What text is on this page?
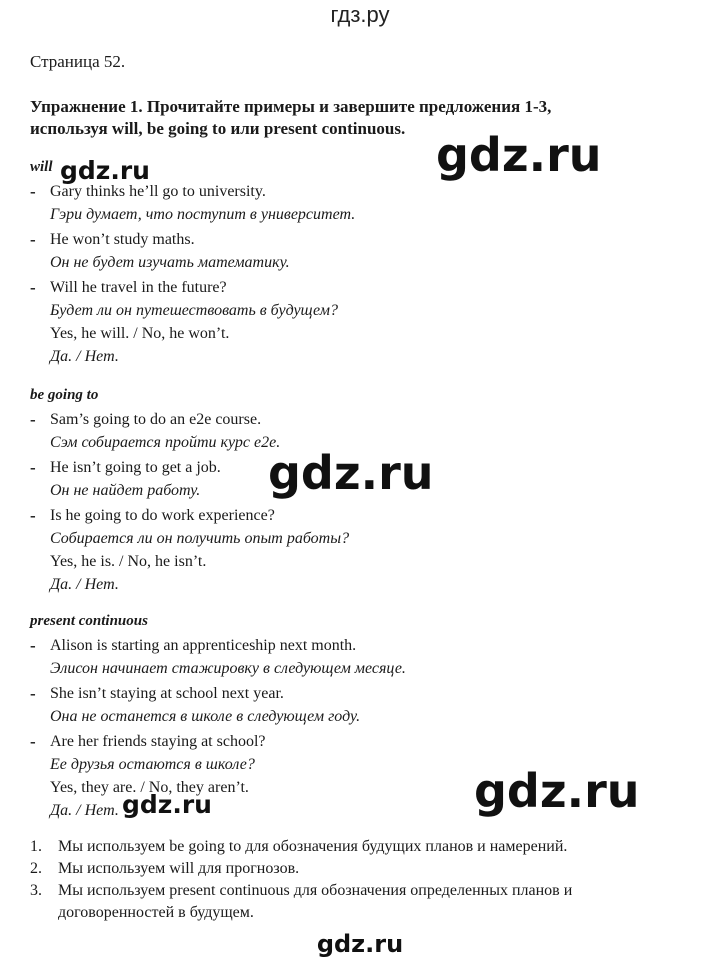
гдз.ру
Страница 52.
Упражнение 1. Прочитайте примеры и завершите предложения 1-3, используя will, be going to или present continuous.
will
- Gary thinks he’ll go to university.
Гэри думает, что поступит в университет.
- He won’t study maths.
Он не будет изучать математику.
- Will he travel in the future?
Будет ли он путешествовать в будущем?
Yes, he will. / No, he won’t.
Да. / Нет.
be going to
- Sam’s going to do an e2e course.
Сэм собирается пройти курс e2e.
- He isn’t going to get a job.
Он не найдет работу.
- Is he going to do work experience?
Собирается ли он получить опыт работы?
Yes, he is. / No, he isn’t.
Да. / Нет.
present continuous
- Alison is starting an apprenticeship next month.
Элисон начинает стажировку в следующем месяце.
- She isn’t staying at school next year.
Она не останется в школе в следующем году.
- Are her friends staying at school?
Ее друзья остаются в школе?
Yes, they are. / No, they aren’t.
Да. / Нет.
gdz.ru	gdz.ru
gdz.ru
gdz.ru
gdz.ru
1. Мы используем be going to для обозначения будущих планов и намерений.
2. Мы используем will для прогнозов.
3. Мы используем present continuous для обозначения определенных планов и договоренностей в будущем.
gdz.ru
